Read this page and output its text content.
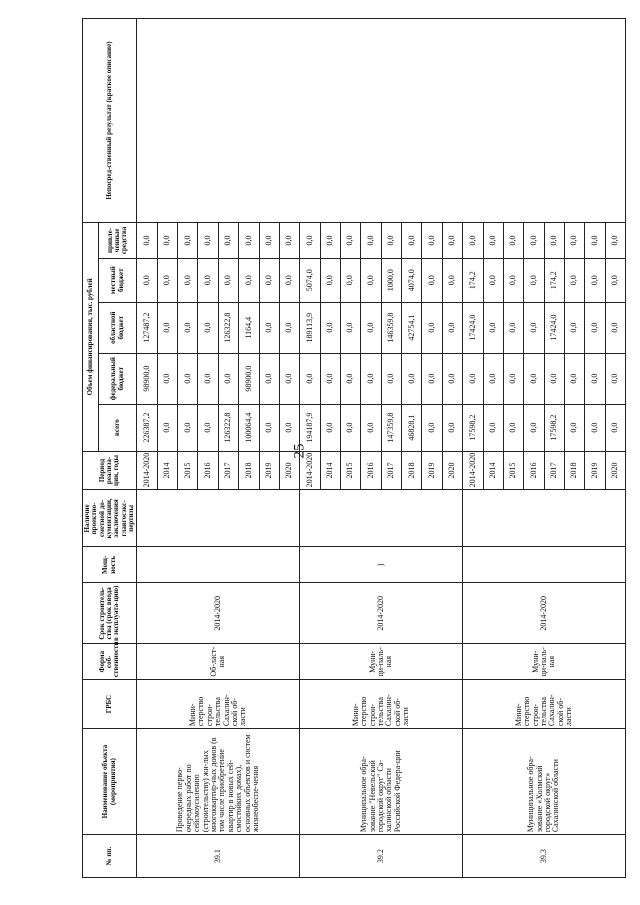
25
№ пп.	Наименование объекта (мероприятия)	ГРБС	Форма соб-ственности	Срок строитель-ства (срок ввода в эксплуата-цию)	Мощ-ность	Наличие проектно-сметной до-кументации, заключения главгосэкс-пертизы	Период реализа-ции, годы	Объем финансирования, тыс. рублей					Непосред-ственный результат (краткое описание)
								всего	федеральный бюджет	областной бюджет	местный бюджет	привле-ченные средства	
39.1	Проведение перво-очередных работ по сейсмоусилению (строительству) жи-лых многоквартир-ных домов (в том числе приобретение квартир в новых сей-смостойких домах), основных объектов и систем жизнеобеспе-чения	Мини-стерство строи-тельства Сахалин-ской об-ласти	Об-ласт-ная	2014-2020			2014-2020	226387,2	98900,0	127487,2	0,0	0,0	
							2014	0,0	0,0	0,0	0,0	0,0	
							2015	0,0	0,0	0,0	0,0	0,0	
							2016	0,0	0,0	0,0	0,0	0,0	
							2017	126322,8	0,0	126322,8	0,0	0,0	
							2018	100064,4	98900,0	1164,4	0,0	0,0	
							2019	0,0	0,0	0,0	0,0	0,0	
							2020	0,0	0,0	0,0	0,0	0,0	
39.2	Муниципальное обра-зование "Невельский городской округ" Са-халинской области Российской Федера-ции	Мини-стерство строи-тельства Сахалин-ской об-ласти	Муни-ци-паль-ная	2014-2020	)		2014-2020	194187,9	0,0	189113,9	5074,0	0,0	
							2014	0,0	0,0	0,0	0,0	0,0	
							2015	0,0	0,0	0,0	0,0	0,0	
							2016	0,0	0,0	0,0	0,0	0,0	
							2017	147359,8	0,0	146359,8	1000,0	0,0	
							2018	46828,1	0,0	42754,1	4074,0	0,0	
							2019	0,0	0,0	0,0	0,0	0,0	
							2020	0,0	0,0	0,0	0,0	0,0	
39.3	Муниципальное обра-зование «Холмский городской округ» Сахалинской области	Мини-стерство строи-тельства Сахалин-ской об-ласти	Муни-ци-паль-ная	2014-2020			2014-2020	17598,2	0,0	17424,0	174,2	0,0	
							2014	0,0	0,0	0,0	0,0	0,0	
							2015	0,0	0,0	0,0	0,0	0,0	
							2016	0,0	0,0	0,0	0,0	0,0	
							2017	17598,2	0,0	17424,0	174,2	0,0	
							2018	0,0	0,0	0,0	0,0	0,0	
							2019	0,0	0,0	0,0	0,0	0,0	
							2020	0,0	0,0	0,0	0,0	0,0	
